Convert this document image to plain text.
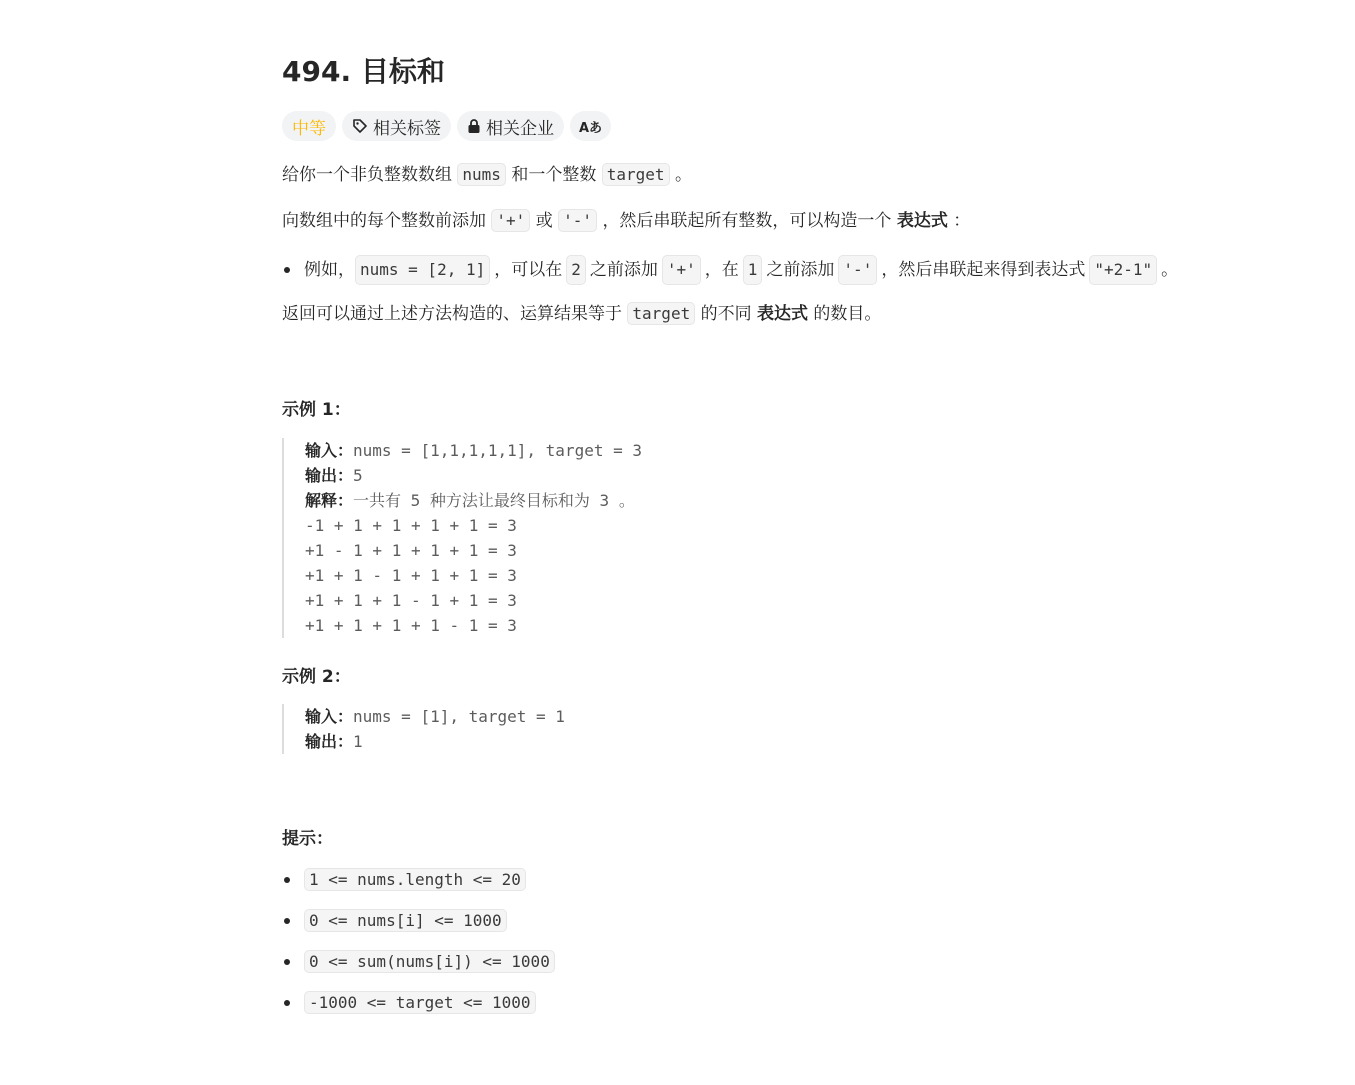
494. 目标和
中等	相关标签	相关企业 Aあ

给你一个非负整数数组 nums 和一个整数 target 。

向数组中的每个整数前添加 '+' 或 '-' ，然后串联起所有整数，可以构造一个 表达式 ：

例如， nums = [2, 1] ，可以在 2 之前添加 '+' ，在 1 之前添加 '-' ，然后串联起来得到表达式 "+2-1" 。

返回可以通过上述方法构造的、运算结果等于 target 的不同 表达式 的数目。

示例 1：
输入：nums = [1,1,1,1,1], target = 3
输出：5
解释：一共有 5 种方法让最终目标和为 3 。
-1 + 1 + 1 + 1 + 1 = 3
+1 - 1 + 1 + 1 + 1 = 3
+1 + 1 - 1 + 1 + 1 = 3
+1 + 1 + 1 - 1 + 1 = 3
+1 + 1 + 1 + 1 - 1 = 3
示例 2：
输入：nums = [1], target = 1
输出：1
提示：
1 <= nums.length <= 20
0 <= nums[i] <= 1000
0 <= sum(nums[i]) <= 1000
-1000 <= target <= 1000
